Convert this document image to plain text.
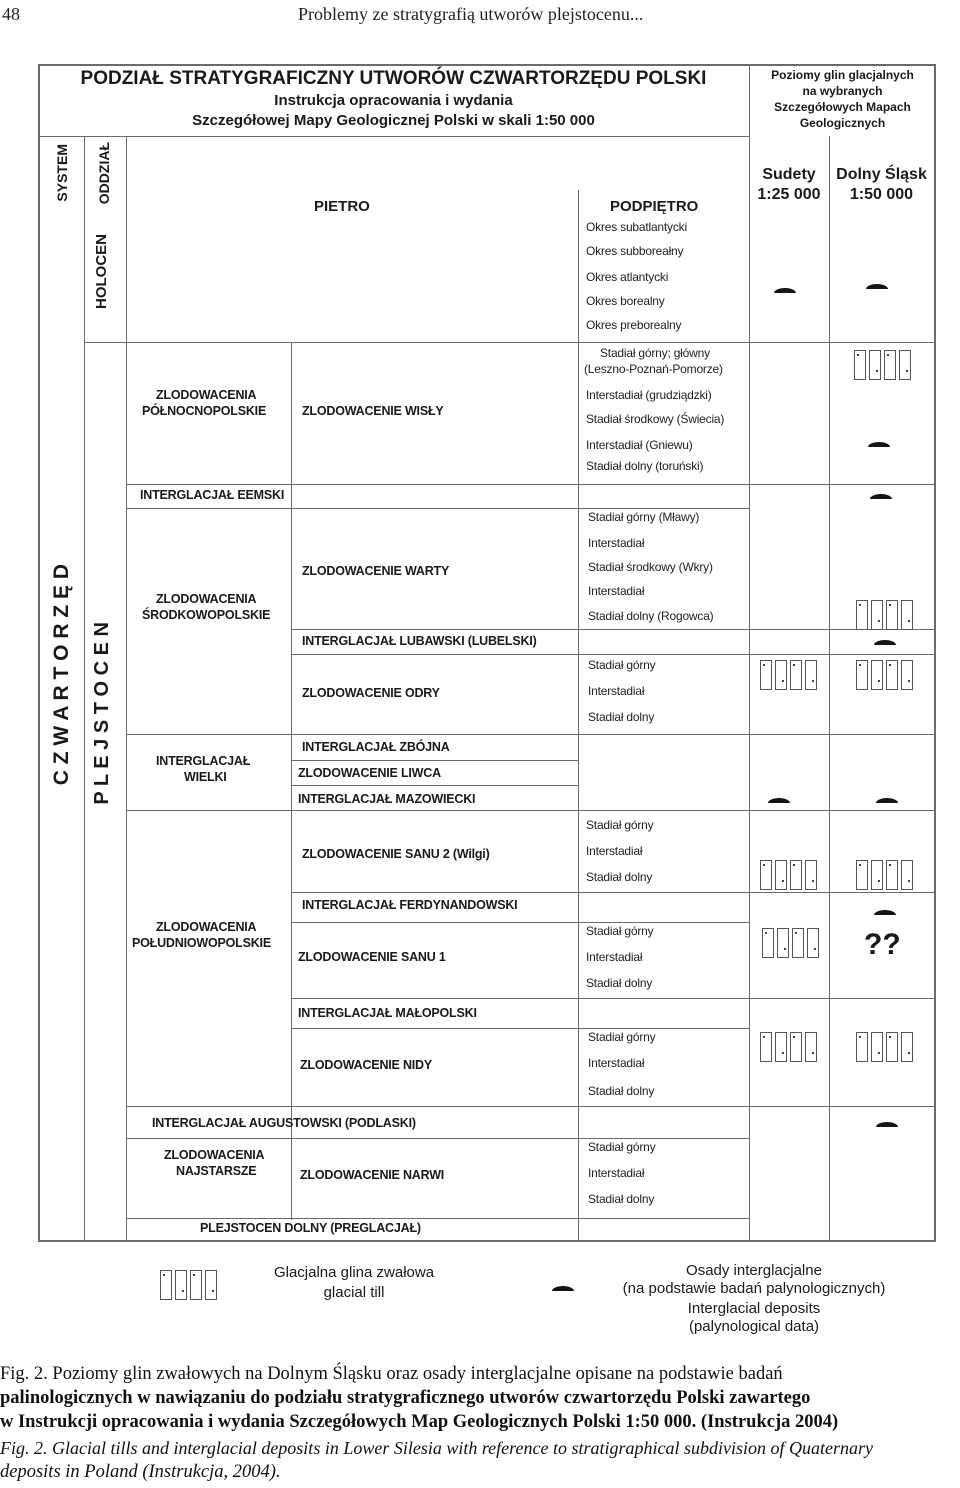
48	Problemy ze stratygrafią utworów plejstocenu...
PODZIAŁ STRATYGRAFICZNY UTWORÓW CZWARTORZĘDU POLSKI
Instrukcja opracowania i wydania
Szczegółowej Mapy Geologicznej Polski w skali 1:50 000
Poziomy glin glacjalnych
na wybranych
Szczegółowych Mapach
Geologicznych
SYSTEM ODDZIAŁ
PIETRO	PODPIĘTRO
Sudety
1:25 000
Dolny Śląsk
1:50 000
C Z W A R T O R Z Ę D
HOLOCEN
P L E J S T O C E N
Okres subatlantycki
Okres subboreałny
Okres atlantycki
Okres borealny
Okres preborealny
ZLODOWACENIA
PÓŁNOCNOPOLSKIE
INTERGLACJAŁ EEMSKI
ZLODOWACENIA
ŚRODKOWOPOLSKIE
INTERGLACJAŁ
WIELKI
ZLODOWACENIA
POŁUDNIOWOPOLSKIE
INTERGLACJAŁ AUGUSTOWSKI (PODLASKI)
ZLODOWACENIA
NAJSTARSZE
PLEJSTOCEN DOLNY (PREGLACJAŁ)
ZLODOWACENIE WISŁY
ZLODOWACENIE WARTY
INTERGLACJAŁ LUBAWSKI (LUBELSKI)
ZLODOWACENIE ODRY
INTERGLACJAŁ ZBÓJNA
ZLODOWACENIE LIWCA
INTERGLACJAŁ MAZOWIECKI
ZLODOWACENIE SANU 2 (Wilgi)
INTERGLACJAŁ FERDYNANDOWSKI
ZLODOWACENIE SANU 1
INTERGLACJAŁ MAŁOPOLSKI
ZLODOWACENIE NIDY
ZLODOWACENIE NARWI
Stadiał górny; główny
(Leszno-Poznań-Pomorze)
Interstadiał (grudziądzki)
Stadiał środkowy (Świecia)
Interstadiał (Gniewu)
Stadiał dolny (toruński)
Stadiał górny (Mławy)
Interstadiał
Stadiał środkowy (Wkry)
Interstadiał
Stadiał dolny (Rogowca)
Stadiał górny
Interstadiał
Stadiał dolny
Stadiał górny
Interstadiał
Stadiał dolny
Stadiał górny
Interstadiał
Stadiał dolny
Stadiał górny
Interstadiał
Stadiał dolny
Stadiał górny
Interstadiał
Stadiał dolny
??
Glacjalna glina zwałowa
glacial till
Osady interglacjalne
(na podstawie badań palynologicznych)
Interglacial deposits
(palynological data)
Fig. 2. Poziomy glin zwałowych na Dolnym Śląsku oraz osady interglacjalne opisane na podstawie badań
palinologicznych w nawiązaniu do podziału stratygraficznego utworów czwartorzędu Polski zawartego
w Instrukcji opracowania i wydania Szczegółowych Map Geologicznych Polski 1:50 000. (Instrukcja 2004)
Fig. 2. Glacial tills and interglacial deposits in Lower Silesia with reference to stratigraphical subdivision of Quaternary
deposits in Poland (Instrukcja, 2004).
